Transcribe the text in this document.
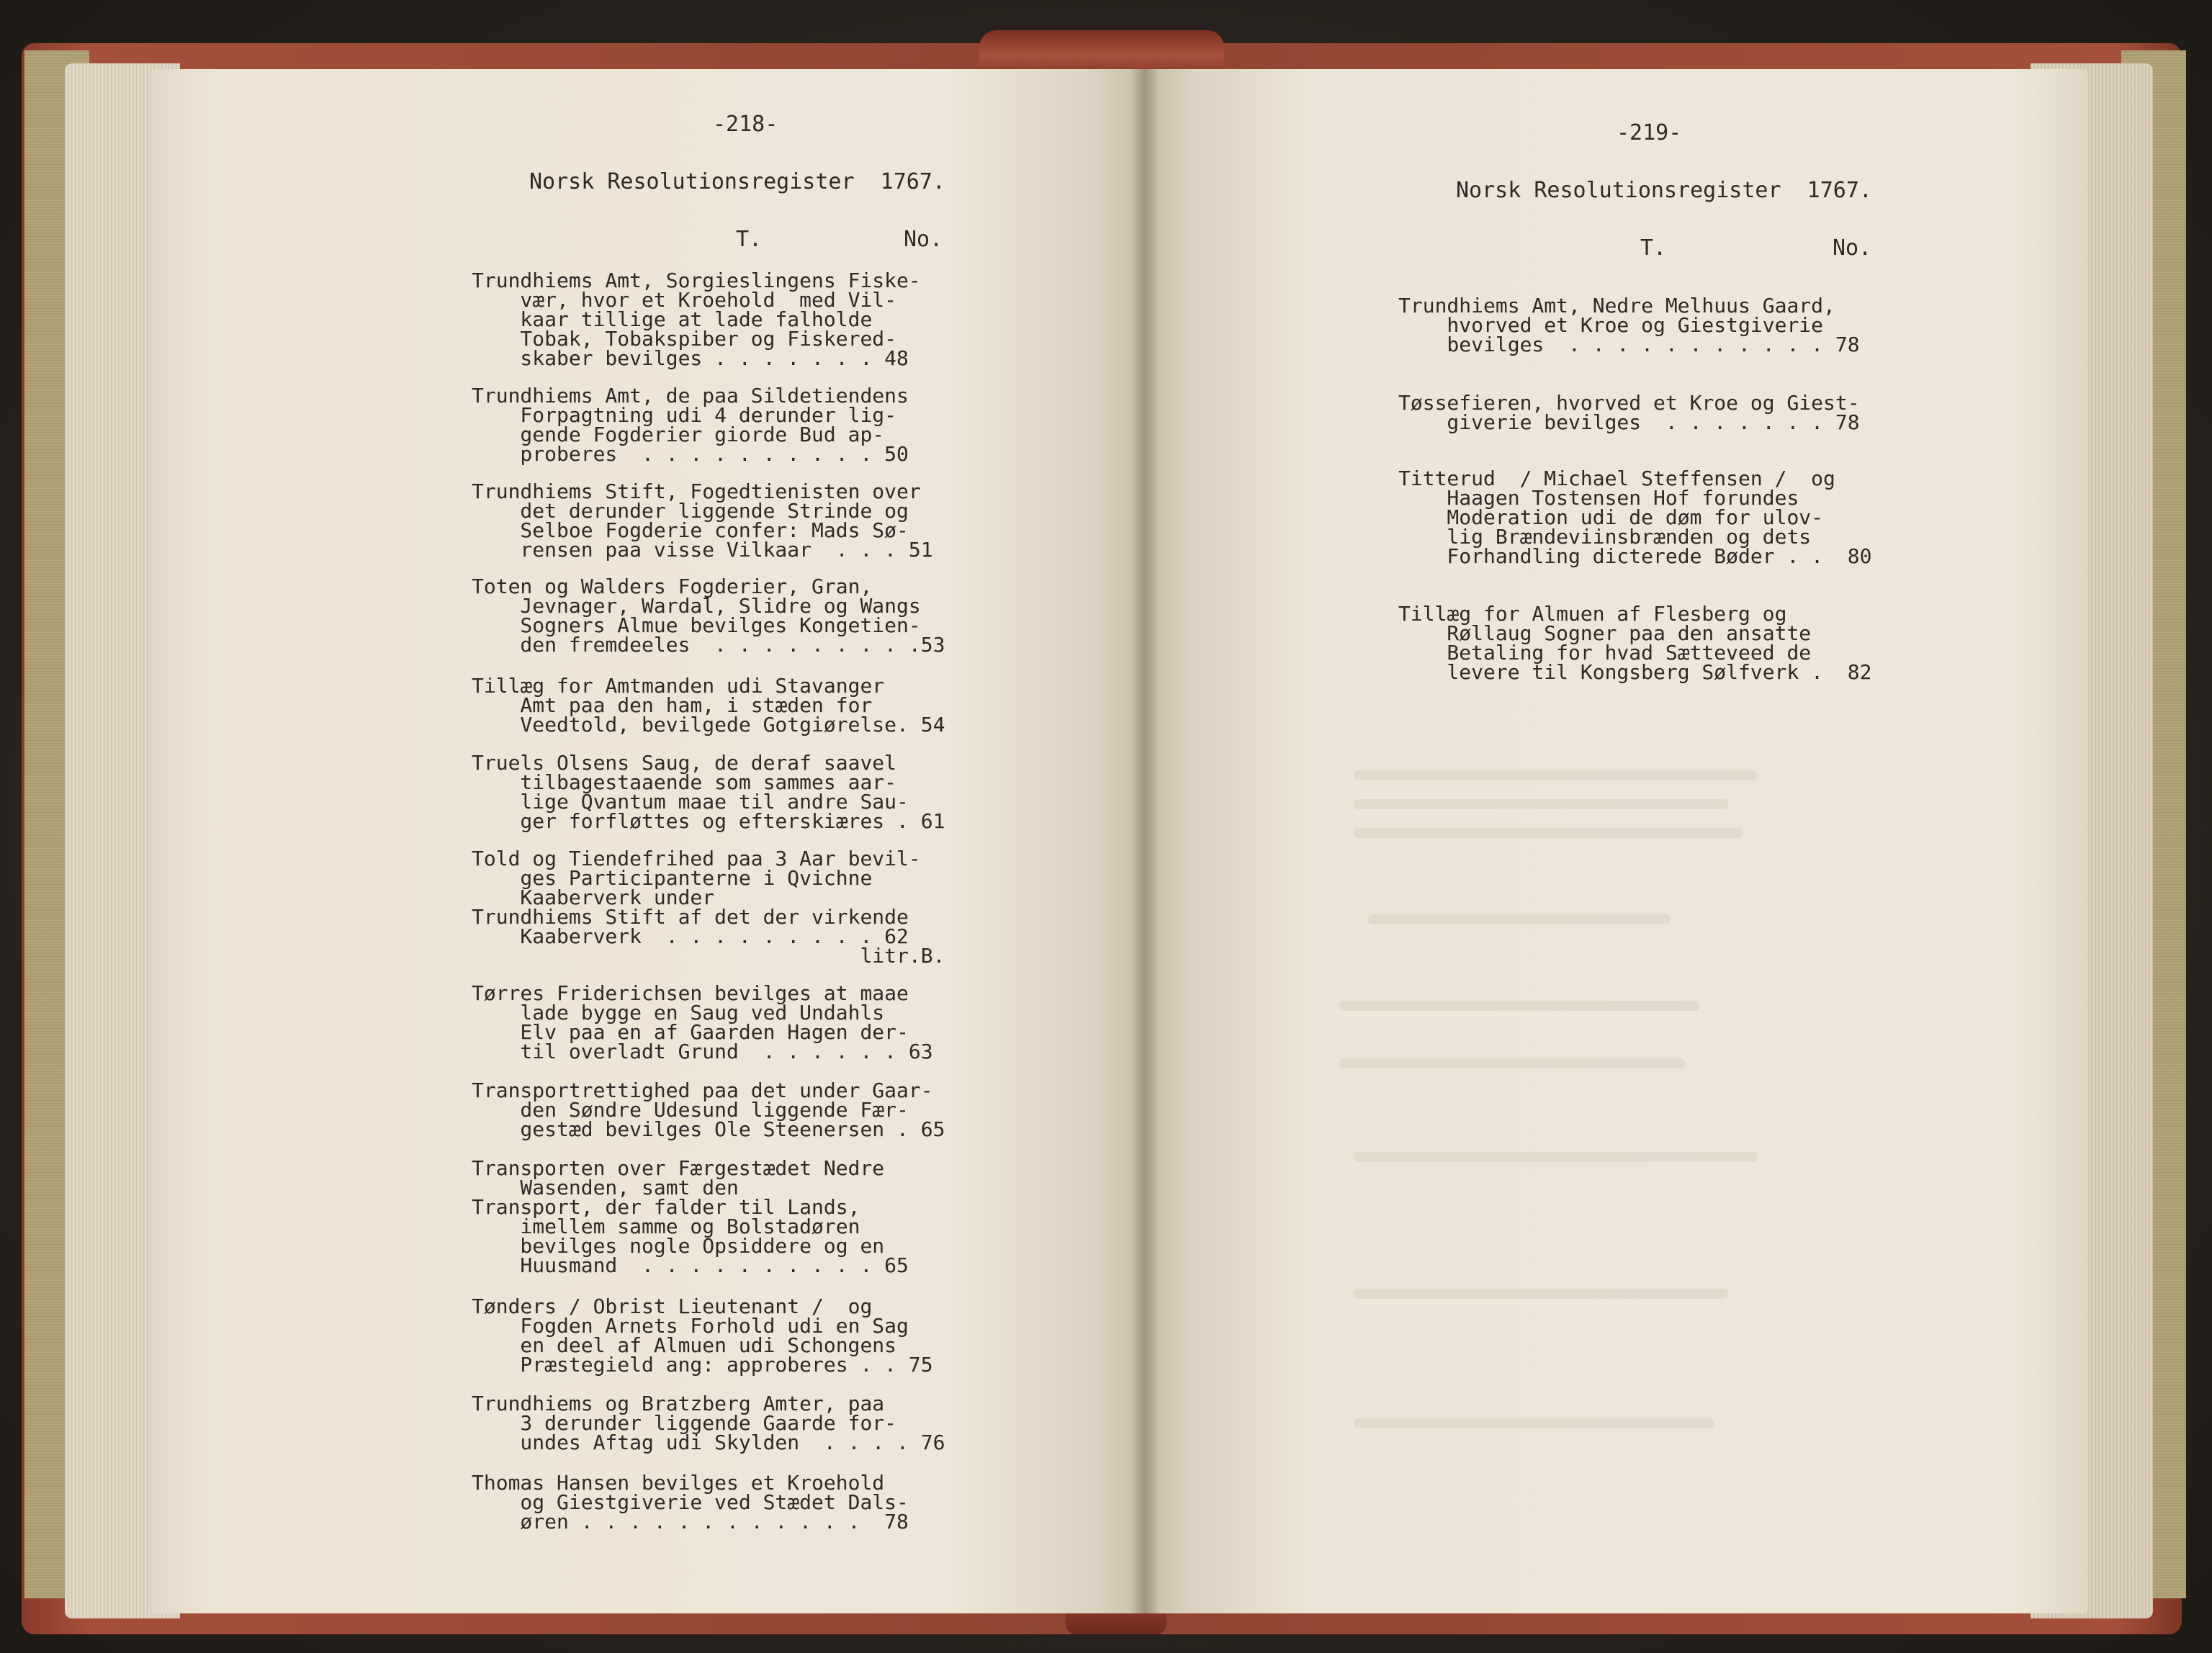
-218-
Norsk Resolutionsregister  1767.
T.	No.
Trundhiems Amt, Sorgieslingens Fiske-
vær, hvor et Kroehold  med Vil-
kaar tillige at lade falholde
Tobak, Tobakspiber og Fiskered-
skaber bevilges . . . . . . . 48
Trundhiems Amt, de paa Sildetiendens
Forpagtning udi 4 derunder lig-
gende Fogderier giorde Bud ap-
proberes  . . . . . . . . . . 50
Trundhiems Stift, Fogedtienisten over
det derunder liggende Strinde og
Selboe Fogderie confer: Mads Sø-
rensen paa visse Vilkaar  . . . 51
Toten og Walders Fogderier, Gran,
Jevnager, Wardal, Slidre og Wangs
Sogners Almue bevilges Kongetien-
den fremdeeles  . . . . . . . . .53
Tillæg for Amtmanden udi Stavanger
Amt paa den ham, i stæden for
Veedtold, bevilgede Gotgiørelse. 54
Truels Olsens Saug, de deraf saavel
tilbagestaaende som sammes aar-
lige Qvantum maae til andre Sau-
ger forfløttes og efterskiæres . 61
Told og Tiendefrihed paa 3 Aar bevil-
ges Participanterne i Qvichne
Kaaberverk under
Trundhiems Stift af det der virkende
Kaaberverk  . . . . . . . . . 62
litr.B.
Tørres Friderichsen bevilges at maae
lade bygge en Saug ved Undahls
Elv paa en af Gaarden Hagen der-
til overladt Grund  . . . . . . 63
Transportrettighed paa det under Gaar-
den Søndre Udesund liggende Fær-
gestæd bevilges Ole Steenersen . 65
Transporten over Færgestædet Nedre
Wasenden, samt den
Transport, der falder til Lands,
imellem samme og Bolstadøren
bevilges nogle Opsiddere og en
Huusmand  . . . . . . . . . . 65
Tønders / Obrist Lieutenant /  og
Fogden Arnets Forhold udi en Sag
en deel af Almuen udi Schongens
Præstegield ang: approberes . . 75
Trundhiems og Bratzberg Amter, paa
3 derunder liggende Gaarde for-
undes Aftag udi Skylden  . . . . 76
Thomas Hansen bevilges et Kroehold
og Giestgiverie ved Stædet Dals-
øren . . . . . . . . . . . .  78
-219-
Norsk Resolutionsregister  1767.
T.	No.
Trundhiems Amt, Nedre Melhuus Gaard,
hvorved et Kroe og Giestgiverie
bevilges  . . . . . . . . . . . 78
Tøssefieren, hvorved et Kroe og Giest-
giverie bevilges  . . . . . . . 78
Titterud  / Michael Steffensen /  og
Haagen Tostensen Hof forundes
Moderation udi de døm for ulov-
lig Brændeviinsbrænden og dets
Forhandling dicterede Bøder . .  80
Tillæg for Almuen af Flesberg og
Røllaug Sogner paa den ansatte
Betaling for hvad Sætteveed de
levere til Kongsberg Sølfverk .  82
